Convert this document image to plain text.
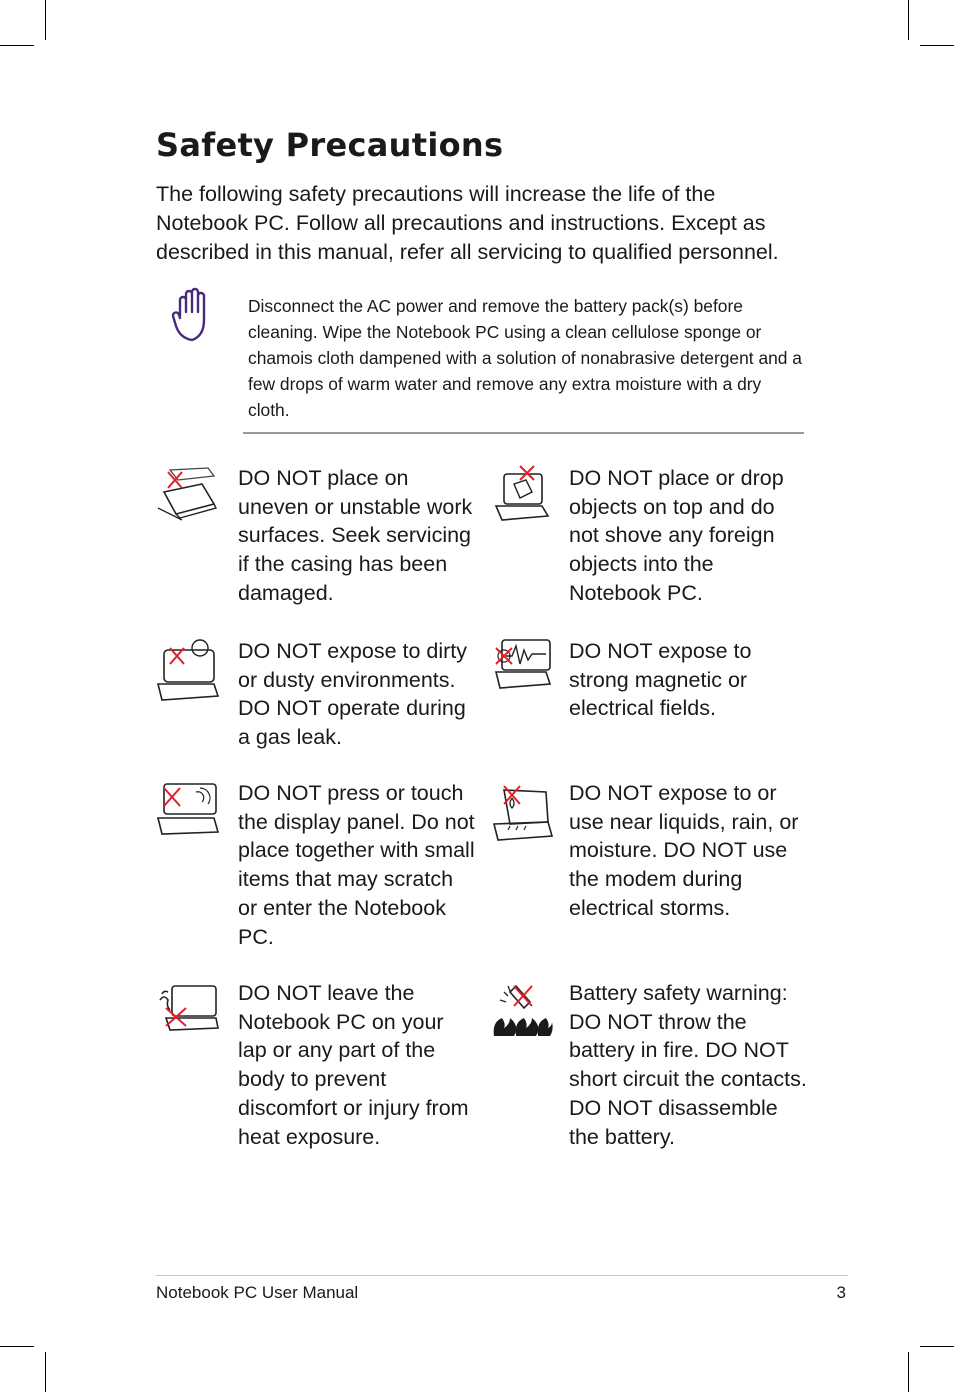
Safety Precautions
The following safety precautions will increase the life of the Notebook PC. Follow all precautions and instructions. Except as described in this manual, refer all servicing to qualified personnel.
Disconnect the AC power and remove the battery pack(s) before cleaning. Wipe the Notebook PC using a clean cellulose sponge or chamois cloth dampened with a solution of nonabrasive detergent and a few drops of warm water and remove any extra moisture with a dry cloth.
DO NOT place on uneven or unstable work surfaces. Seek servicing if the casing has been damaged.
DO NOT place or drop objects on top and do not shove any foreign objects into the Notebook PC.
DO NOT expose to dirty or dusty environments. DO NOT operate during a gas leak.
DO NOT expose to strong magnetic or electrical fields.
DO NOT press or touch the display panel. Do not place together with small items that may scratch or enter the Notebook PC.
DO NOT expose to or use near liquids, rain, or moisture. DO NOT use the modem during electrical storms.
DO NOT leave the Notebook PC on your lap or any part of the body to prevent discomfort or injury from heat exposure.
Battery safety warning: DO NOT throw the battery in fire. DO NOT short circuit the contacts. DO NOT disassemble the battery.
Notebook PC User Manual	3
